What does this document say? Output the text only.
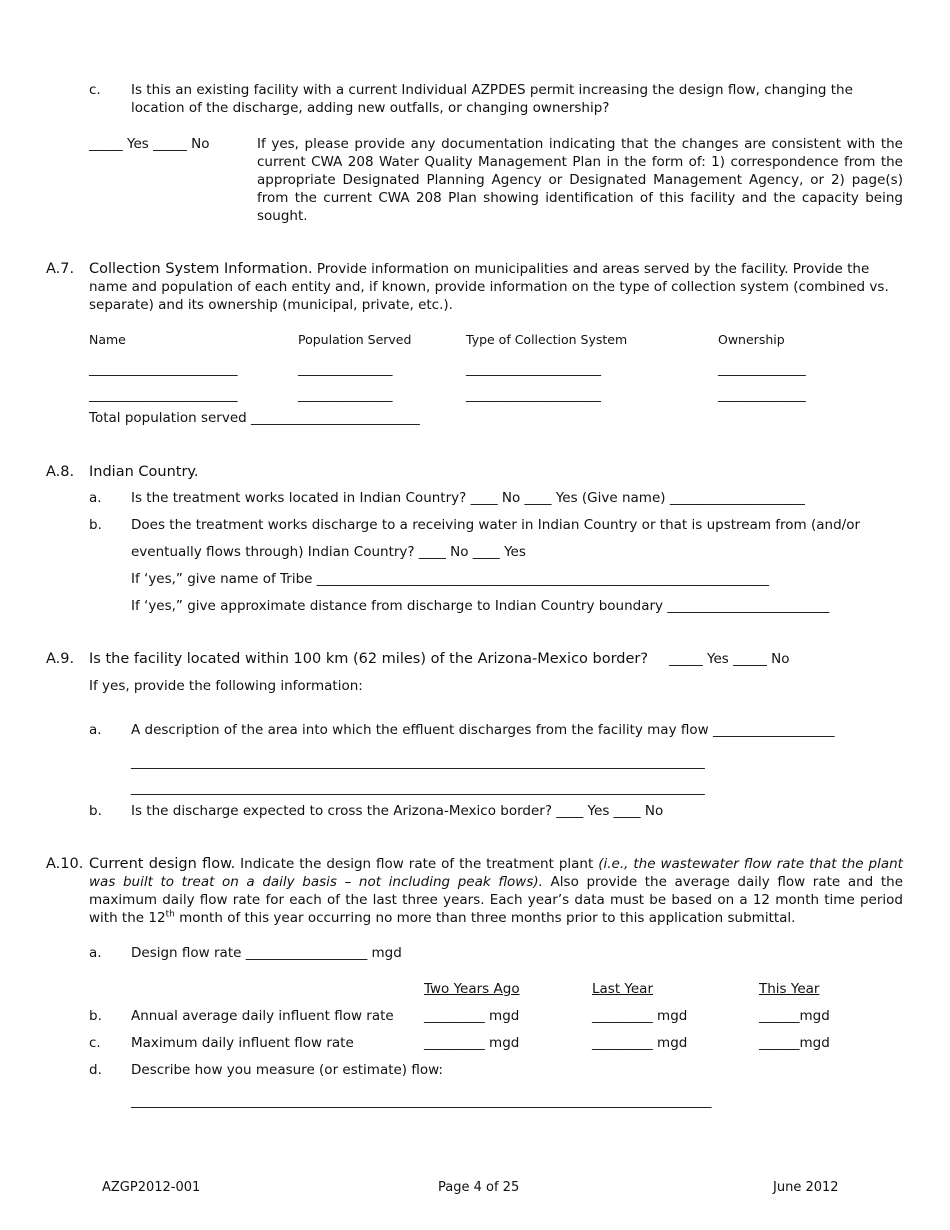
c. Is this an existing facility with a current Individual AZPDES permit increasing the design flow, changing the location of the discharge, adding new outfalls, or changing ownership?
_____ Yes _____ No	If yes, please provide any documentation indicating that the changes are consistent with the current CWA 208 Water Quality Management Plan in the form of: 1) correspondence from the appropriate Designated Planning Agency or Designated Management Agency, or 2) page(s) from the current CWA 208 Plan showing identification of this facility and the capacity being sought.
A.7. Collection System Information. Provide information on municipalities and areas served by the facility. Provide the name and population of each entity and, if known, provide information on the type of collection system (combined vs. separate) and its ownership (municipal, private, etc.).
Name	Population Served	Type of Collection System	Ownership
______________________	______________	____________________	_____________
______________________	______________	____________________	_____________
Total population served _________________________
A.8. Indian Country.
a. Is the treatment works located in Indian Country? ____ No ____ Yes (Give name) ____________________
b. Does the treatment works discharge to a receiving water in Indian Country or that is upstream from (and/or
eventually flows through) Indian Country? ____ No ____ Yes
If ‘yes,” give name of Tribe ___________________________________________________________________
If ‘yes,” give approximate distance from discharge to Indian Country boundary ________________________
A.9. Is the facility located within 100 km (62 miles) of the Arizona-Mexico border? _____ Yes _____ No
If yes, provide the following information:
a. A description of the area into which the effluent discharges from the facility may flow __________________
_____________________________________________________________________________________
_____________________________________________________________________________________
b. Is the discharge expected to cross the Arizona-Mexico border? ____ Yes ____ No
A.10. Current design flow. Indicate the design flow rate of the treatment plant (i.e., the wastewater flow rate that the plant was built to treat on a daily basis – not including peak flows). Also provide the average daily flow rate and the maximum daily flow rate for each of the last three years. Each year’s data must be based on a 12 month time period with the 12th month of this year occurring no more than three months prior to this application submittal.
a. Design flow rate __________________ mgd
Two Years Ago	Last Year	This Year
b. Annual average daily influent flow rate _________ mgd	_________ mgd	______mgd
c. Maximum daily influent flow rate	_________ mgd	_________ mgd	______mgd
d. Describe how you measure (or estimate) flow:
______________________________________________________________________________________
AZGP2012-001	Page 4 of 25	June 2012
